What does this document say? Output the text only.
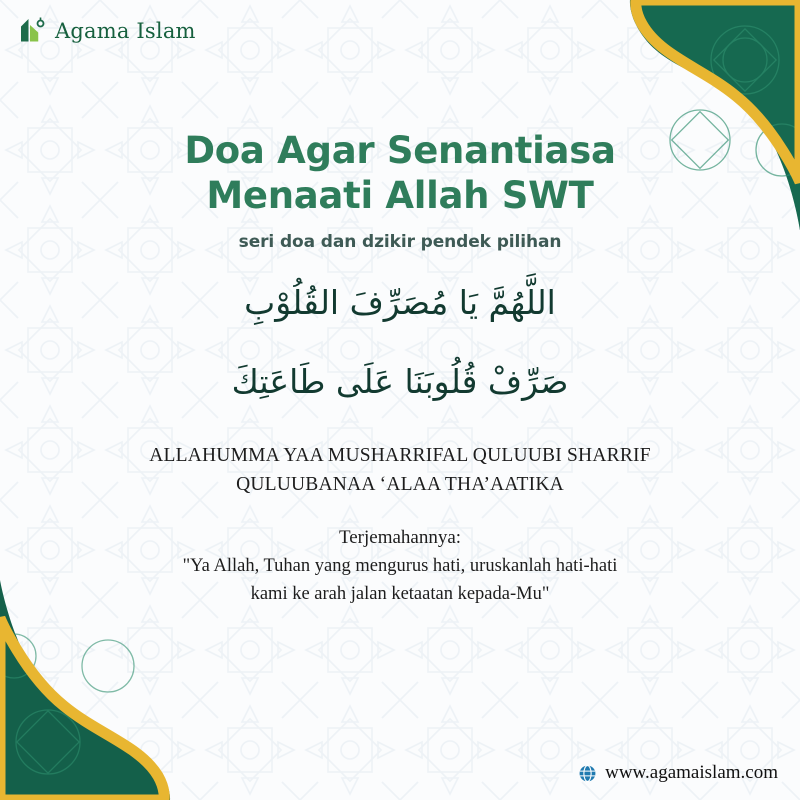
Agama Islam
Doa Agar Senantiasa
Menaati Allah SWT
seri doa dan dzikir pendek pilihan
اللَّهُمَّ يَا مُصَرِّفَ القُلُوْبِ
صَرِّفْ قُلُوبَنَا عَلَى طَاعَتِكَ
ALLAHUMMA YAA MUSHARRIFAL QULUUBI SHARRIF
QULUUBANAA ‘ALAA THA’AATIKA
Terjemahannya:
"Ya Allah, Tuhan yang mengurus hati, uruskanlah hati-hati
kami ke arah jalan ketaatan kepada-Mu"
www.agamaislam.com
